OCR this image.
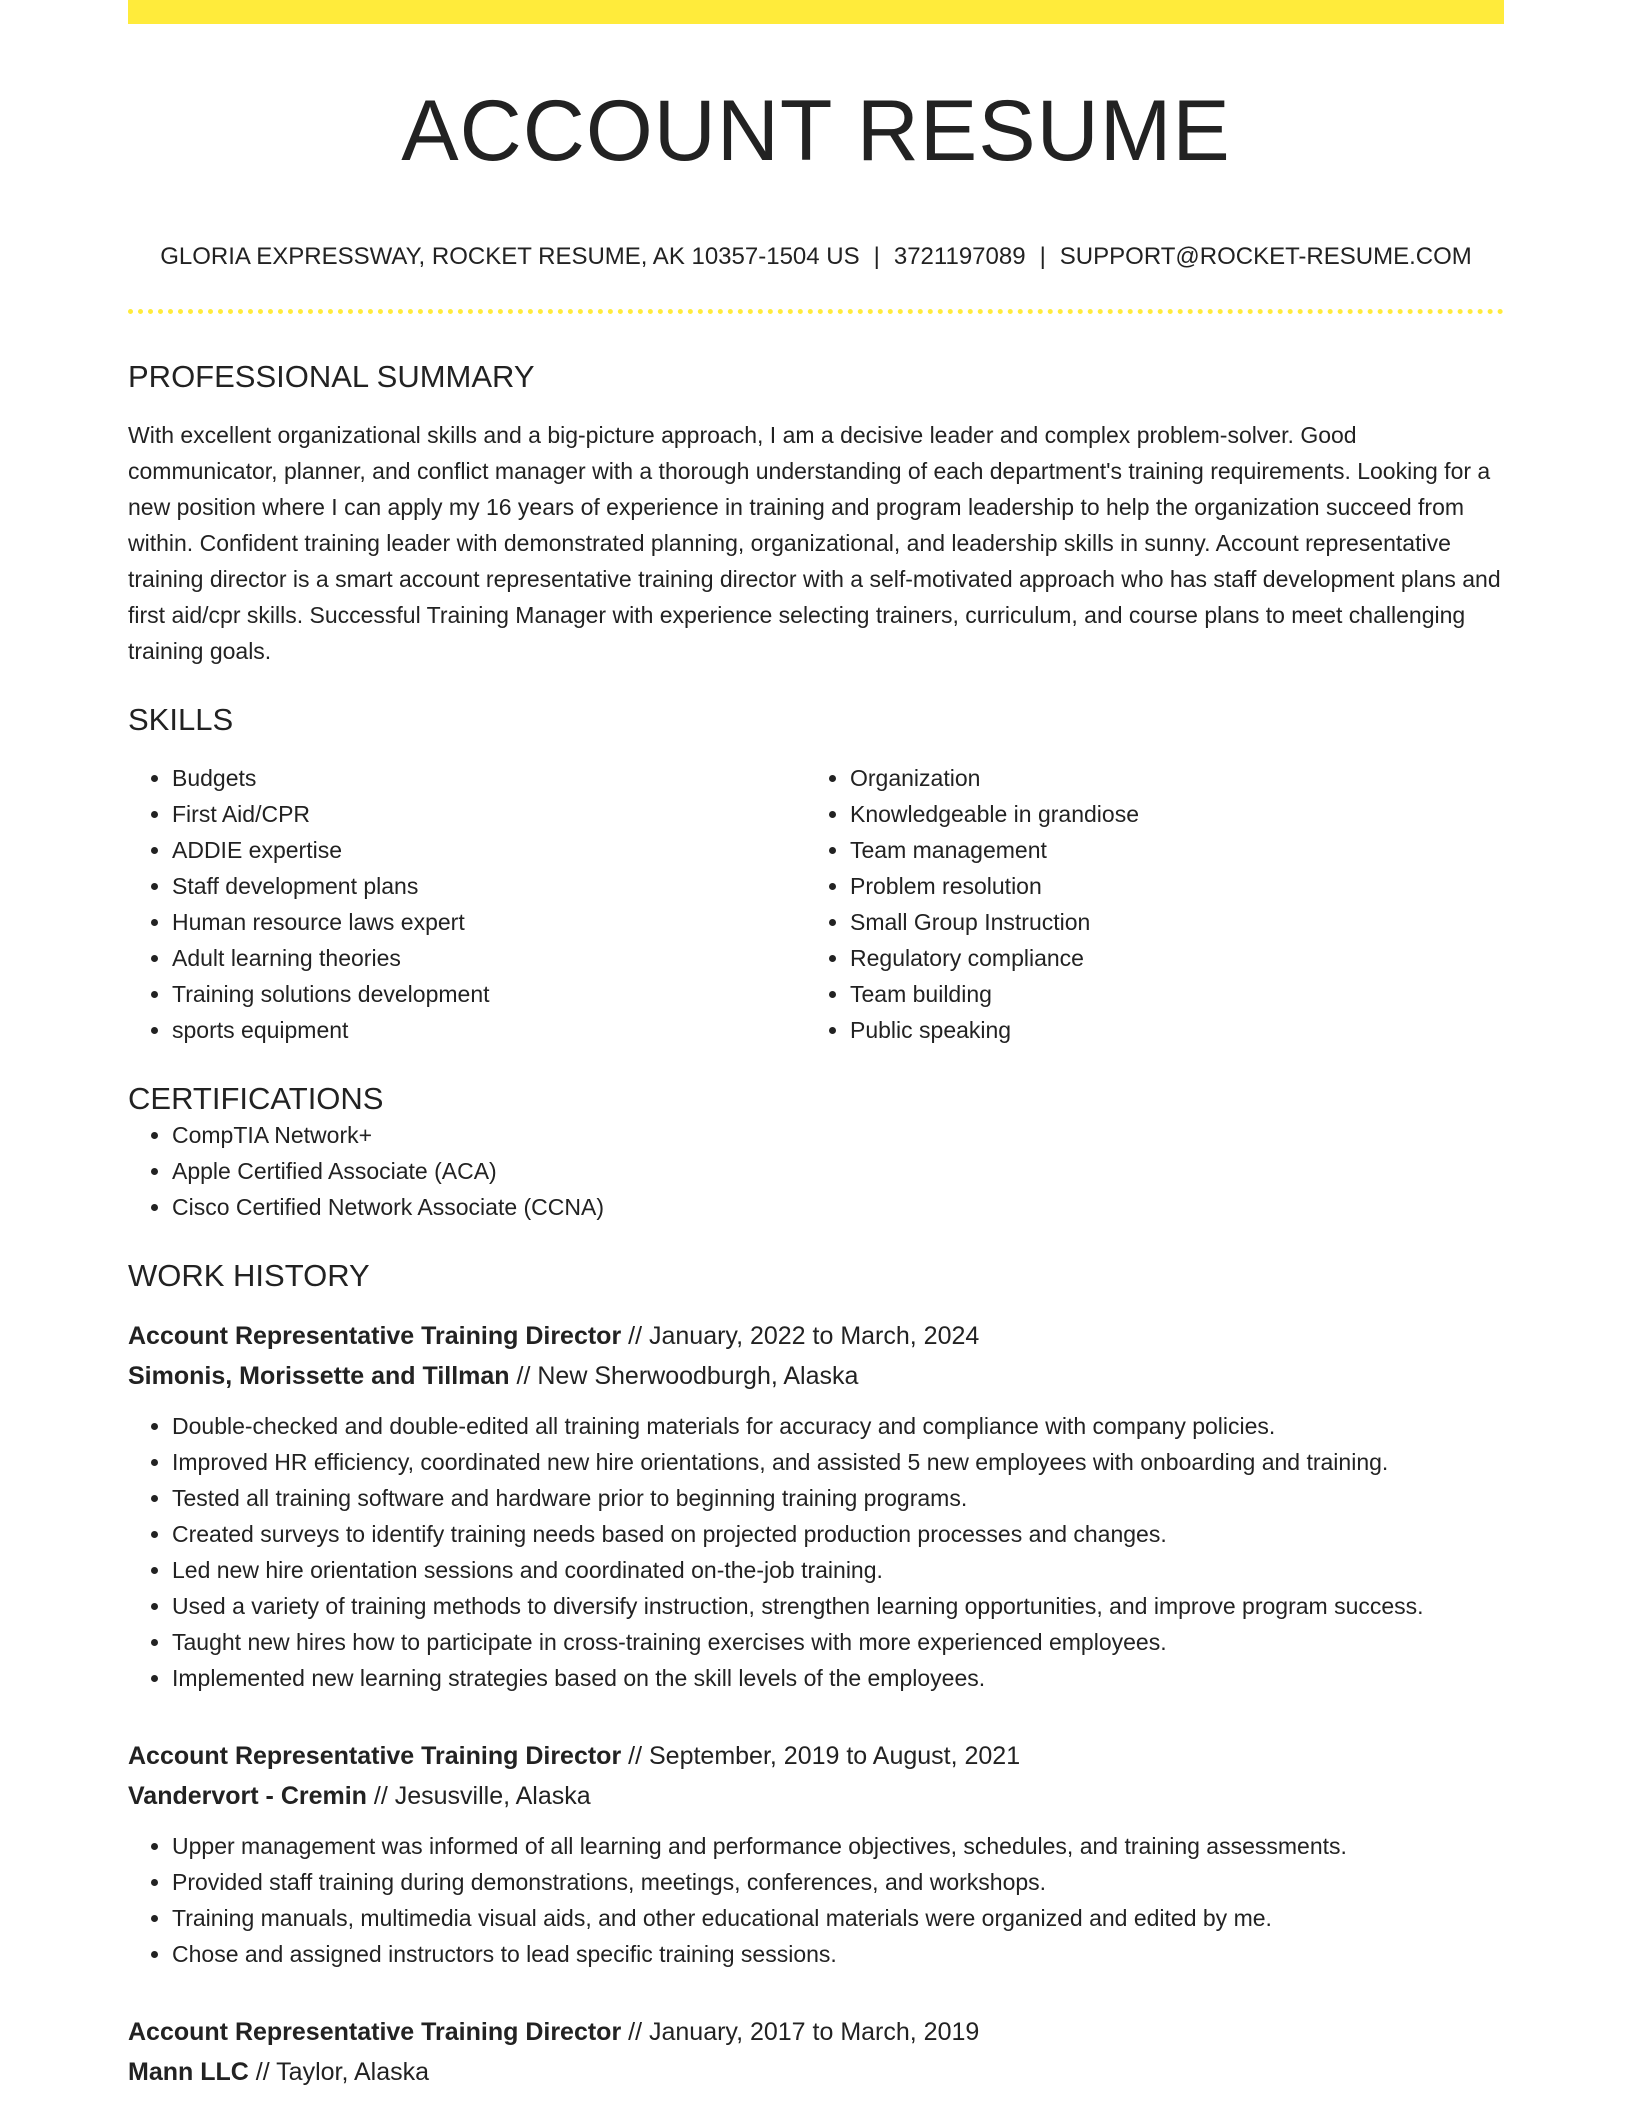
ACCOUNT RESUME
GLORIA EXPRESSWAY, ROCKET RESUME, AK 10357-1504 US | 3721197089 | SUPPORT@ROCKET-RESUME.COM
PROFESSIONAL SUMMARY
With excellent organizational skills and a big-picture approach, I am a decisive leader and complex problem-solver. Good communicator, planner, and conflict manager with a thorough understanding of each department's training requirements. Looking for a new position where I can apply my 16 years of experience in training and program leadership to help the organization succeed from within. Confident training leader with demonstrated planning, organizational, and leadership skills in sunny. Account representative training director is a smart account representative training director with a self-motivated approach who has staff development plans and first aid/cpr skills. Successful Training Manager with experience selecting trainers, curriculum, and course plans to meet challenging training goals.
SKILLS
• Budgets
• First Aid/CPR
• ADDIE expertise
• Staff development plans
• Human resource laws expert
• Adult learning theories
• Training solutions development
• sports equipment
• Organization
• Knowledgeable in grandiose
• Team management
• Problem resolution
• Small Group Instruction
• Regulatory compliance
• Team building
• Public speaking
CERTIFICATIONS
• CompTIA Network+
• Apple Certified Associate (ACA)
• Cisco Certified Network Associate (CCNA)
WORK HISTORY
Account Representative Training Director // January, 2022 to March, 2024
Simonis, Morissette and Tillman // New Sherwoodburgh, Alaska
• Double-checked and double-edited all training materials for accuracy and compliance with company policies.
• Improved HR efficiency, coordinated new hire orientations, and assisted 5 new employees with onboarding and training.
• Tested all training software and hardware prior to beginning training programs.
• Created surveys to identify training needs based on projected production processes and changes.
• Led new hire orientation sessions and coordinated on-the-job training.
• Used a variety of training methods to diversify instruction, strengthen learning opportunities, and improve program success.
• Taught new hires how to participate in cross-training exercises with more experienced employees.
• Implemented new learning strategies based on the skill levels of the employees.
Account Representative Training Director // September, 2019 to August, 2021
Vandervort - Cremin // Jesusville, Alaska
• Upper management was informed of all learning and performance objectives, schedules, and training assessments.
• Provided staff training during demonstrations, meetings, conferences, and workshops.
• Training manuals, multimedia visual aids, and other educational materials were organized and edited by me.
• Chose and assigned instructors to lead specific training sessions.
Account Representative Training Director // January, 2017 to March, 2019
Mann LLC // Taylor, Alaska
